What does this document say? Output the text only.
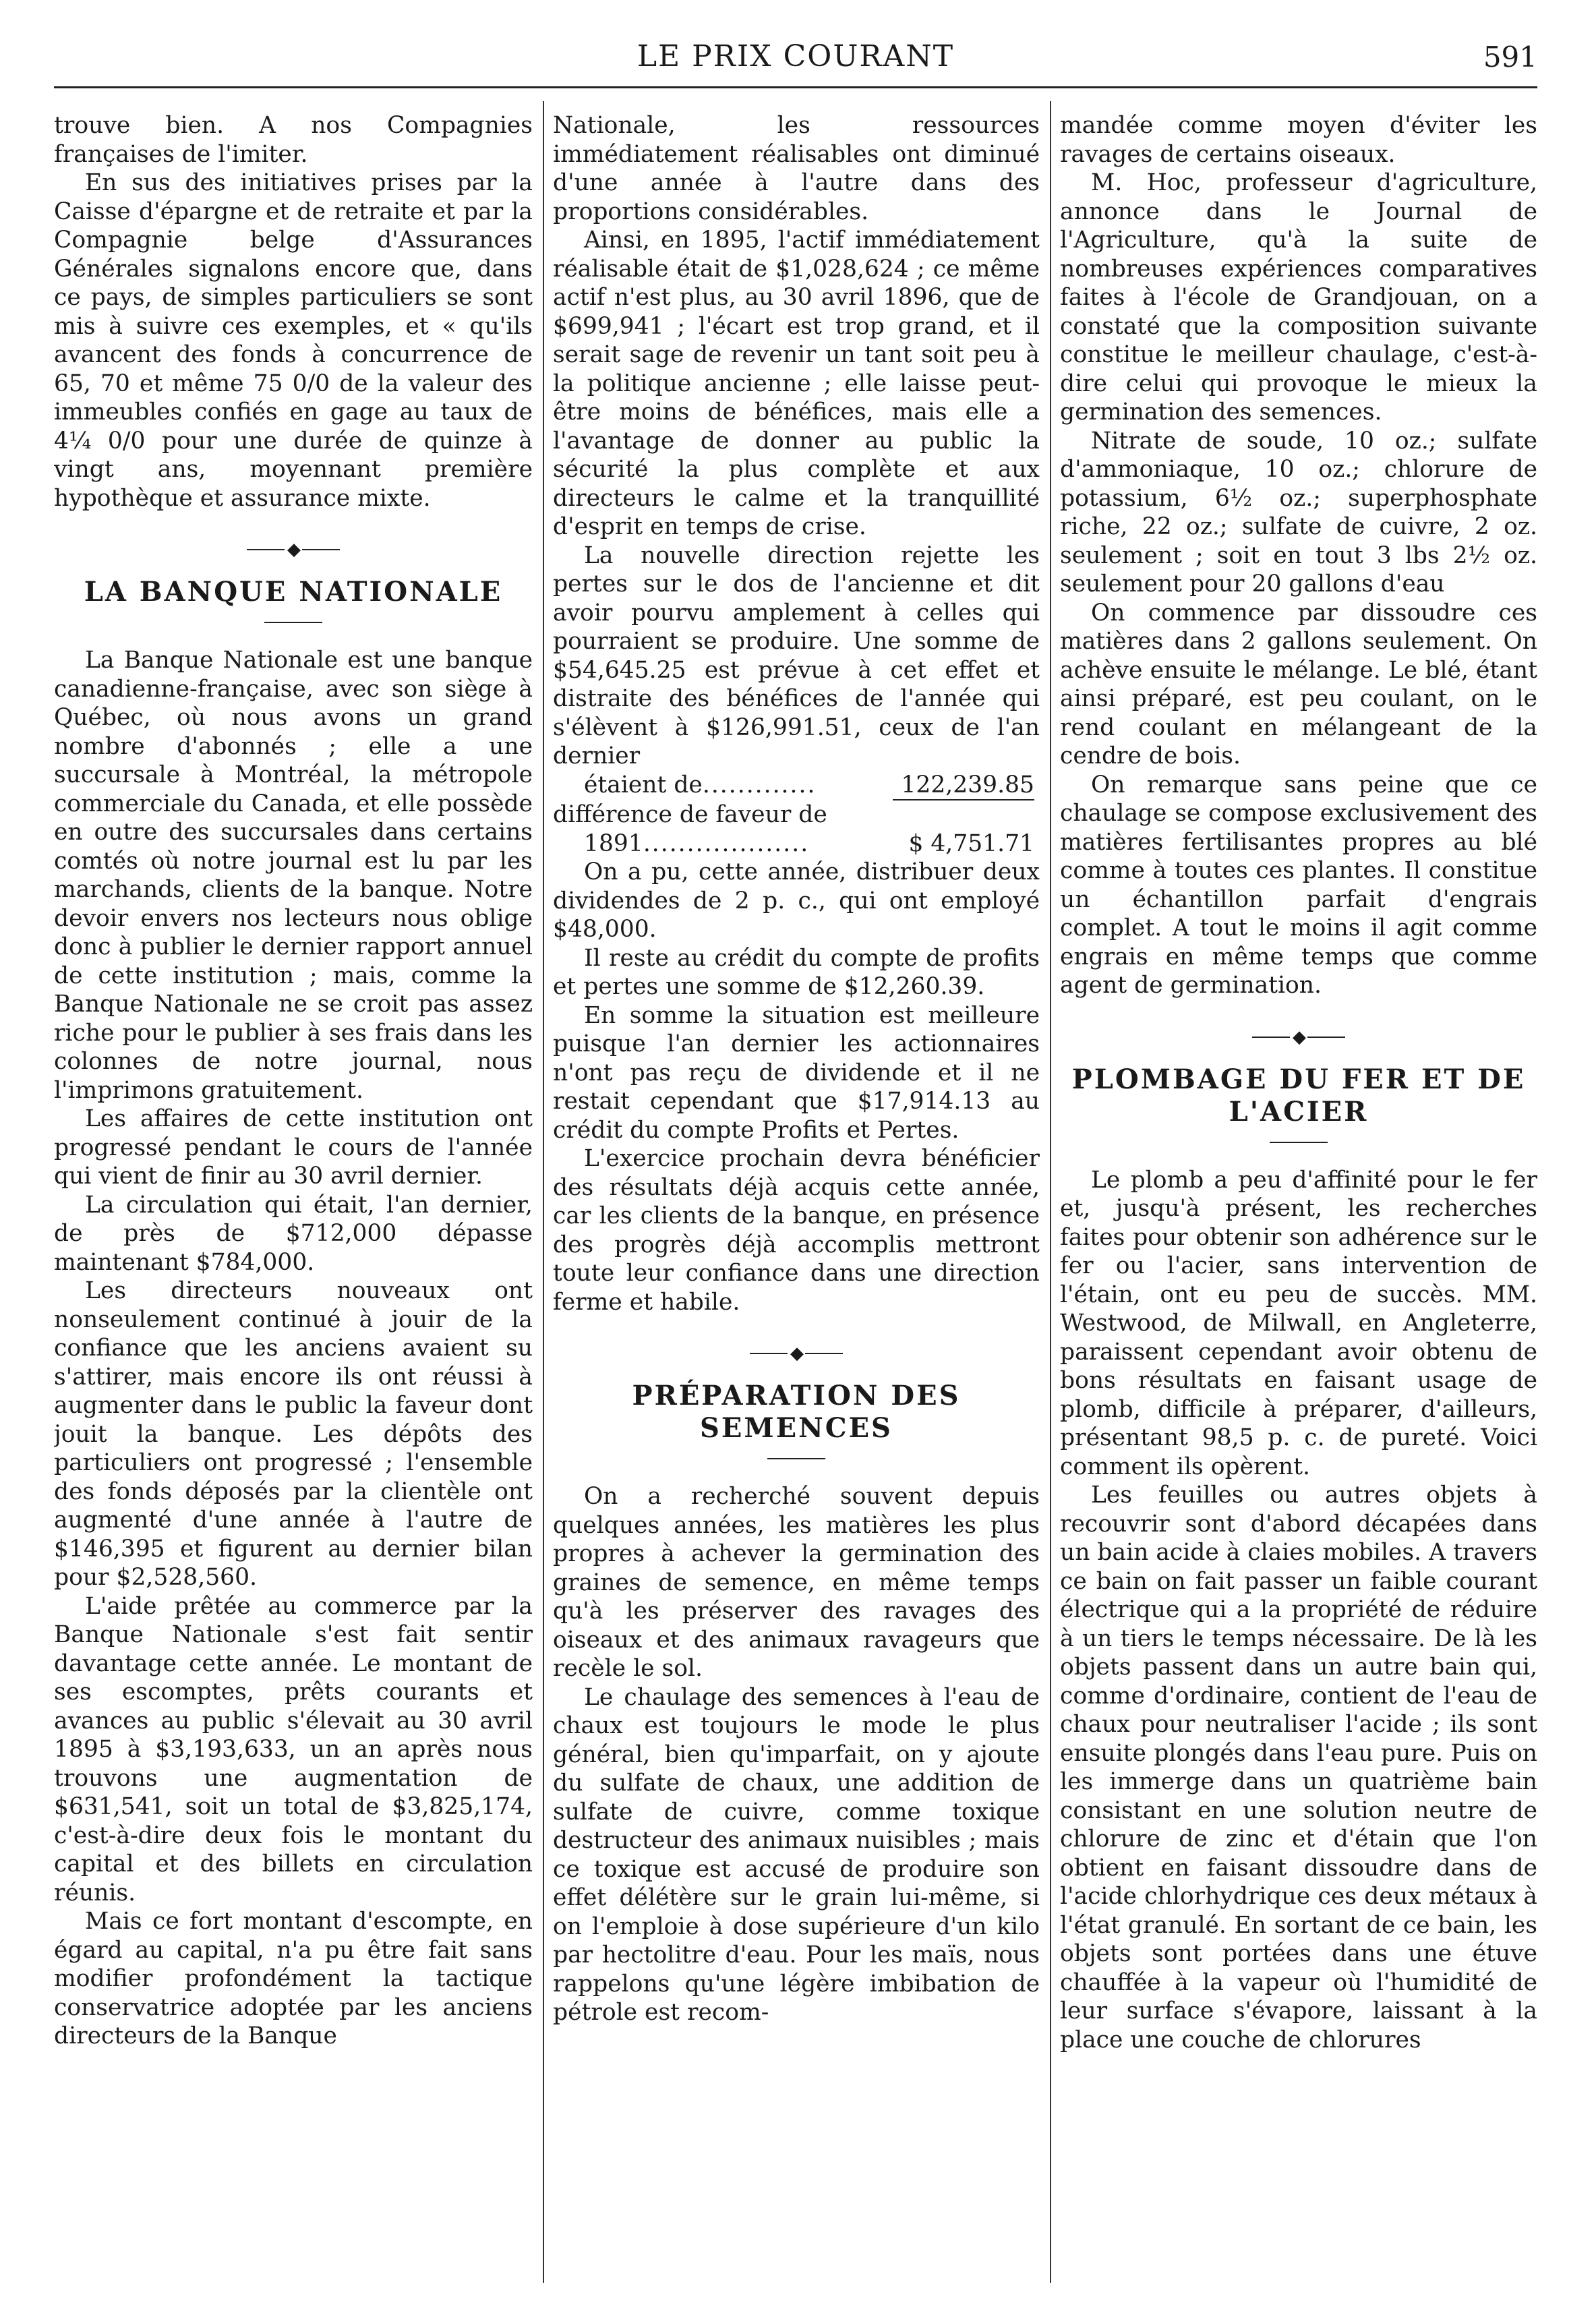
LE PRIX COURANT	591

trouve bien. A nos Compagnies françaises de l'imiter.

En sus des initiatives prises par la Caisse d'épargne et de retraite et par la Compagnie belge d'Assurances Générales signalons encore que, dans ce pays, de simples particuliers se sont mis à suivre ces exemples, et « qu'ils avancent des fonds à concurrence de 65, 70 et même 75 0/0 de la valeur des immeubles confiés en gage au taux de 4¼ 0/0 pour une durée de quinze à vingt ans, moyennant première hypothèque et assurance mixte.

◆
LA BANQUE NATIONALE

La Banque Nationale est une banque canadienne-française, avec son siège à Québec, où nous avons un grand nombre d'abonnés ; elle a une succursale à Montréal, la métropole commerciale du Canada, et elle possède en outre des succursales dans certains comtés où notre journal est lu par les marchands, clients de la banque. Notre devoir envers nos lecteurs nous oblige donc à publier le dernier rapport annuel de cette institution ; mais, comme la Banque Nationale ne se croit pas assez riche pour le publier à ses frais dans les colonnes de notre journal, nous l'imprimons gratuitement.

Les affaires de cette institution ont progressé pendant le cours de l'année qui vient de finir au 30 avril dernier.

La circulation qui était, l'an dernier, de près de $712,000 dépasse maintenant $784,000.

Les directeurs nouveaux ont nonseulement continué à jouir de la confiance que les anciens avaient su s'attirer, mais encore ils ont réussi à augmenter dans le public la faveur dont jouit la banque. Les dépôts des particuliers ont progressé ; l'ensemble des fonds déposés par la clientèle ont augmenté d'une année à l'autre de $146,395 et figurent au dernier bilan pour $2,528,560.

L'aide prêtée au commerce par la Banque Nationale s'est fait sentir davantage cette année. Le montant de ses escomptes, prêts courants et avances au public s'élevait au 30 avril 1895 à $3,193,633, un an après nous trouvons une augmentation de $631,541, soit un total de $3,825,174, c'est-à-dire deux fois le montant du capital et des billets en circulation réunis.

Mais ce fort montant d'escompte, en égard au capital, n'a pu être fait sans modifier profondément la tactique conservatrice adoptée par les anciens directeurs de la Banque

Nationale, les ressources immédiatement réalisables ont diminué d'une année à l'autre dans des proportions considérables.

Ainsi, en 1895, l'actif immédiatement réalisable était de $1,028,624 ; ce même actif n'est plus, au 30 avril 1896, que de $699,941 ; l'écart est trop grand, et il serait sage de revenir un tant soit peu à la politique ancienne ; elle laisse peut-être moins de bénéfices, mais elle a l'avantage de donner au public la sécurité la plus complète et aux directeurs le calme et la tranquillité d'esprit en temps de crise.

La nouvelle direction rejette les pertes sur le dos de l'ancienne et dit avoir pourvu amplement à celles qui pourraient se produire. Une somme de $54,645.25 est prévue à cet effet et distraite des bénéfices de l'année qui s'élèvent à $126,991.51, ceux de l'an dernier

étaient de.............	122,239.85
différence de faveur de
1891...................	$ 4,751.71

On a pu, cette année, distribuer deux dividendes de 2 p. c., qui ont employé $48,000.

Il reste au crédit du compte de profits et pertes une somme de $12,260.39.

En somme la situation est meilleure puisque l'an dernier les actionnaires n'ont pas reçu de dividende et il ne restait cependant que $17,914.13 au crédit du compte Profits et Pertes.

L'exercice prochain devra bénéficier des résultats déjà acquis cette année, car les clients de la banque, en présence des progrès déjà accomplis mettront toute leur confiance dans une direction ferme et habile.

◆
PRÉPARATION DES SEMENCES

On a recherché souvent depuis quelques années, les matières les plus propres à achever la germination des graines de semence, en même temps qu'à les préserver des ravages des oiseaux et des animaux ravageurs que recèle le sol.

Le chaulage des semences à l'eau de chaux est toujours le mode le plus général, bien qu'imparfait, on y ajoute du sulfate de chaux, une addition de sulfate de cuivre, comme toxique destructeur des animaux nuisibles ; mais ce toxique est accusé de produire son effet délétère sur le grain lui-même, si on l'emploie à dose supérieure d'un kilo par hectolitre d'eau. Pour les maïs, nous rappelons qu'une légère imbibation de pétrole est recom-

mandée comme moyen d'éviter les ravages de certains oiseaux.

M. Hoc, professeur d'agriculture, annonce dans le Journal de l'Agriculture, qu'à la suite de nombreuses expériences comparatives faites à l'école de Grandjouan, on a constaté que la composition suivante constitue le meilleur chaulage, c'est-à-dire celui qui provoque le mieux la germination des semences.

Nitrate de soude, 10 oz.; sulfate d'ammoniaque, 10 oz.; chlorure de potassium, 6½ oz.; superphosphate riche, 22 oz.; sulfate de cuivre, 2 oz. seulement ; soit en tout 3 lbs 2½ oz. seulement pour 20 gallons d'eau

On commence par dissoudre ces matières dans 2 gallons seulement. On achève ensuite le mélange. Le blé, étant ainsi préparé, est peu coulant, on le rend coulant en mélangeant de la cendre de bois.

On remarque sans peine que ce chaulage se compose exclusivement des matières fertilisantes propres au blé comme à toutes ces plantes. Il constitue un échantillon parfait d'engrais complet. A tout le moins il agit comme engrais en même temps que comme agent de germination.

◆
PLOMBAGE DU FER ET DE L'ACIER

Le plomb a peu d'affinité pour le fer et, jusqu'à présent, les recherches faites pour obtenir son adhérence sur le fer ou l'acier, sans intervention de l'étain, ont eu peu de succès. MM. Westwood, de Milwall, en Angleterre, paraissent cependant avoir obtenu de bons résultats en faisant usage de plomb, difficile à préparer, d'ailleurs, présentant 98,5 p. c. de pureté. Voici comment ils opèrent.

Les feuilles ou autres objets à recouvrir sont d'abord décapées dans un bain acide à claies mobiles. A travers ce bain on fait passer un faible courant électrique qui a la propriété de réduire à un tiers le temps nécessaire. De là les objets passent dans un autre bain qui, comme d'ordinaire, contient de l'eau de chaux pour neutraliser l'acide ; ils sont ensuite plongés dans l'eau pure. Puis on les immerge dans un quatrième bain consistant en une solution neutre de chlorure de zinc et d'étain que l'on obtient en faisant dissoudre dans de l'acide chlorhydrique ces deux métaux à l'état granulé. En sortant de ce bain, les objets sont portées dans une étuve chauffée à la vapeur où l'humidité de leur surface s'évapore, laissant à la place une couche de chlorures
